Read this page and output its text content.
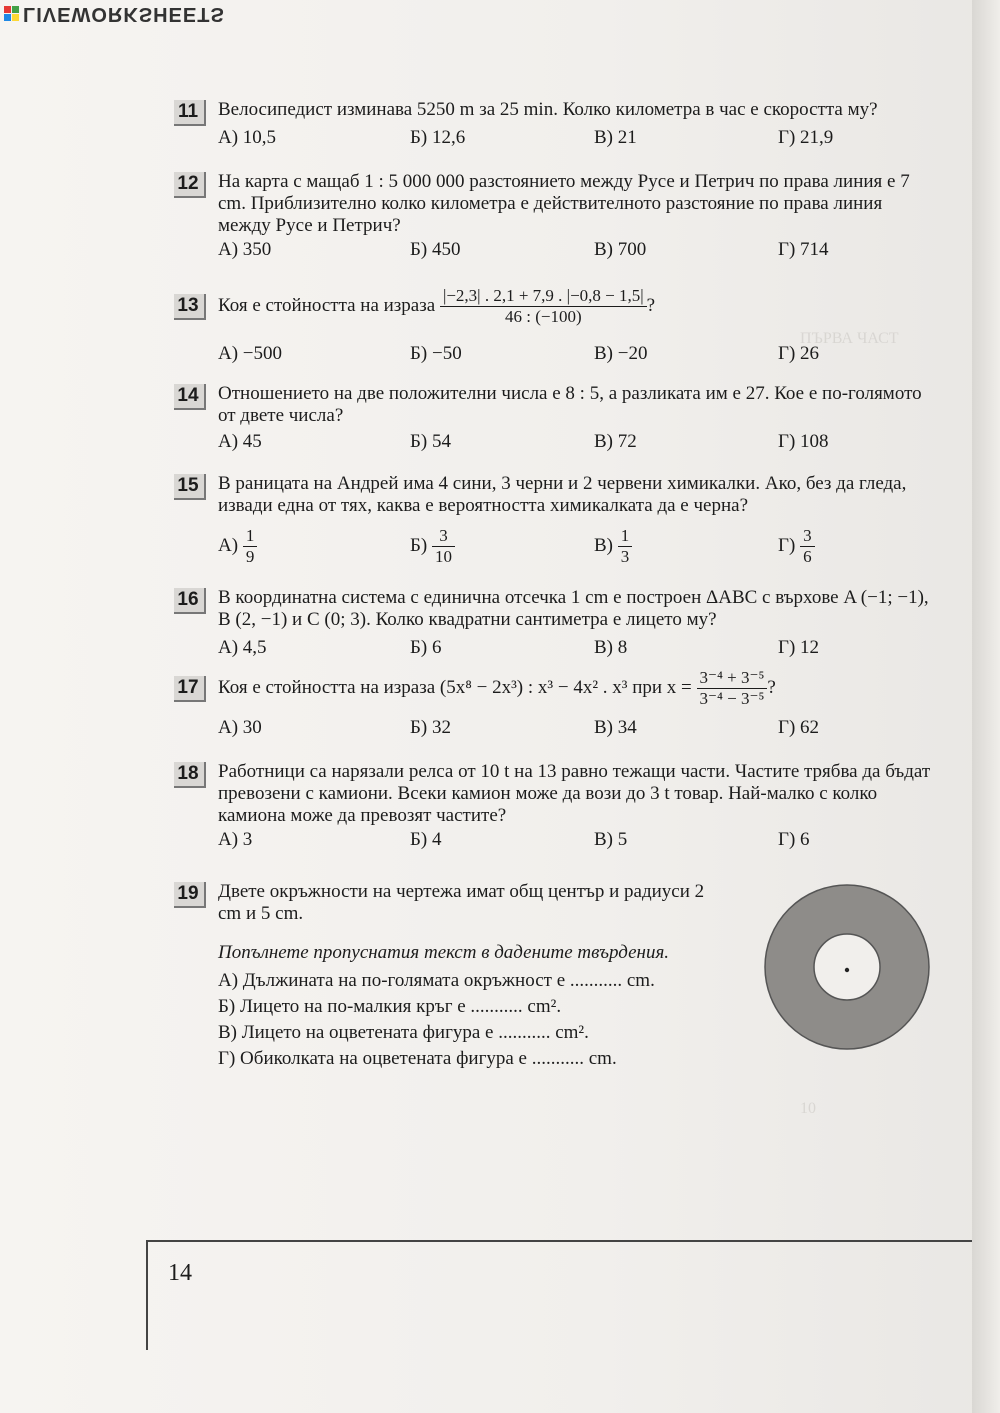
ПЪРВА ЧАСТ
10
LIVEWORKSHEETS
11	Велосипедист изминава 5250 m за 25 min. Колко километра в час е скоростта му?
А) 10,5	Б) 12,6	В) 21	Г) 21,9
12	На карта с мащаб 1 : 5 000 000 разстоянието между Русе и Петрич по права линия е 7 cm. Приблизително колко километра е действителното разстояние по права линия между Русе и Петрич?
А) 350	Б) 450	В) 700	Г) 714
13	Коя е стойността на израза $\frac{|-2,3| . 2,1 + 7,9 . |-0,8 - 1,5|}{46 : (-100)}$ ?
А) −500	Б) −50	В) −20	Г) 26
14	Отношението на две положителни числа е 8 : 5, а разликата им е 27. Кое е по-голямото от двете числа?
А) 45	Б) 54	В) 72	Г) 108
15	В раницата на Андрей има 4 сини, 3 черни и 2 червени химикалки. Ако, без да гледа, извади една от тях, каква е вероятността химикалката да е черна?
$А) \frac{1}{9}$	$Б) \frac{3}{10}$	$В) \frac{1}{3}$	$Г) \frac{3}{6}$
16	В координатна система с единична отсечка 1 cm е построен ΔABC с върхове A (−1; −1), B (2, −1) и C (0; 3). Колко квадратни сантиметра е лицето му?
А) 4,5	Б) 6	В) 8	Г) 12
17	Коя е стойността на израза (5x⁸ − 2x³) : x³ − 4x² . x³ при $x = \frac{\text{3⁻⁴ + 3⁻⁵}}{\text{3⁻⁴ − 3⁻⁵}}$ ?
А) 30	Б) 32	В) 34	Г) 62
18	Работници са нарязали релса от 10 t на 13 равно тежащи части. Частите трябва да бъдат превозени с камиони. Всеки камион може да вози до 3 t товар. Най-малко с колко камиона може да превозят частите?
А) 3	Б) 4	В) 5	Г) 6
19	Двете окръжности на чертежа имат общ център и радиуси 2 cm и 5 cm.
Попълнете пропуснатия текст в дадените твърдения.
А) Дължината на по-голямата окръжност е ........... cm.
Б) Лицето на по-малкия кръг е ........... cm².
В) Лицето на оцветената фигура е ........... cm².
Г) Обиколката на оцветената фигура е ........... cm.
14
